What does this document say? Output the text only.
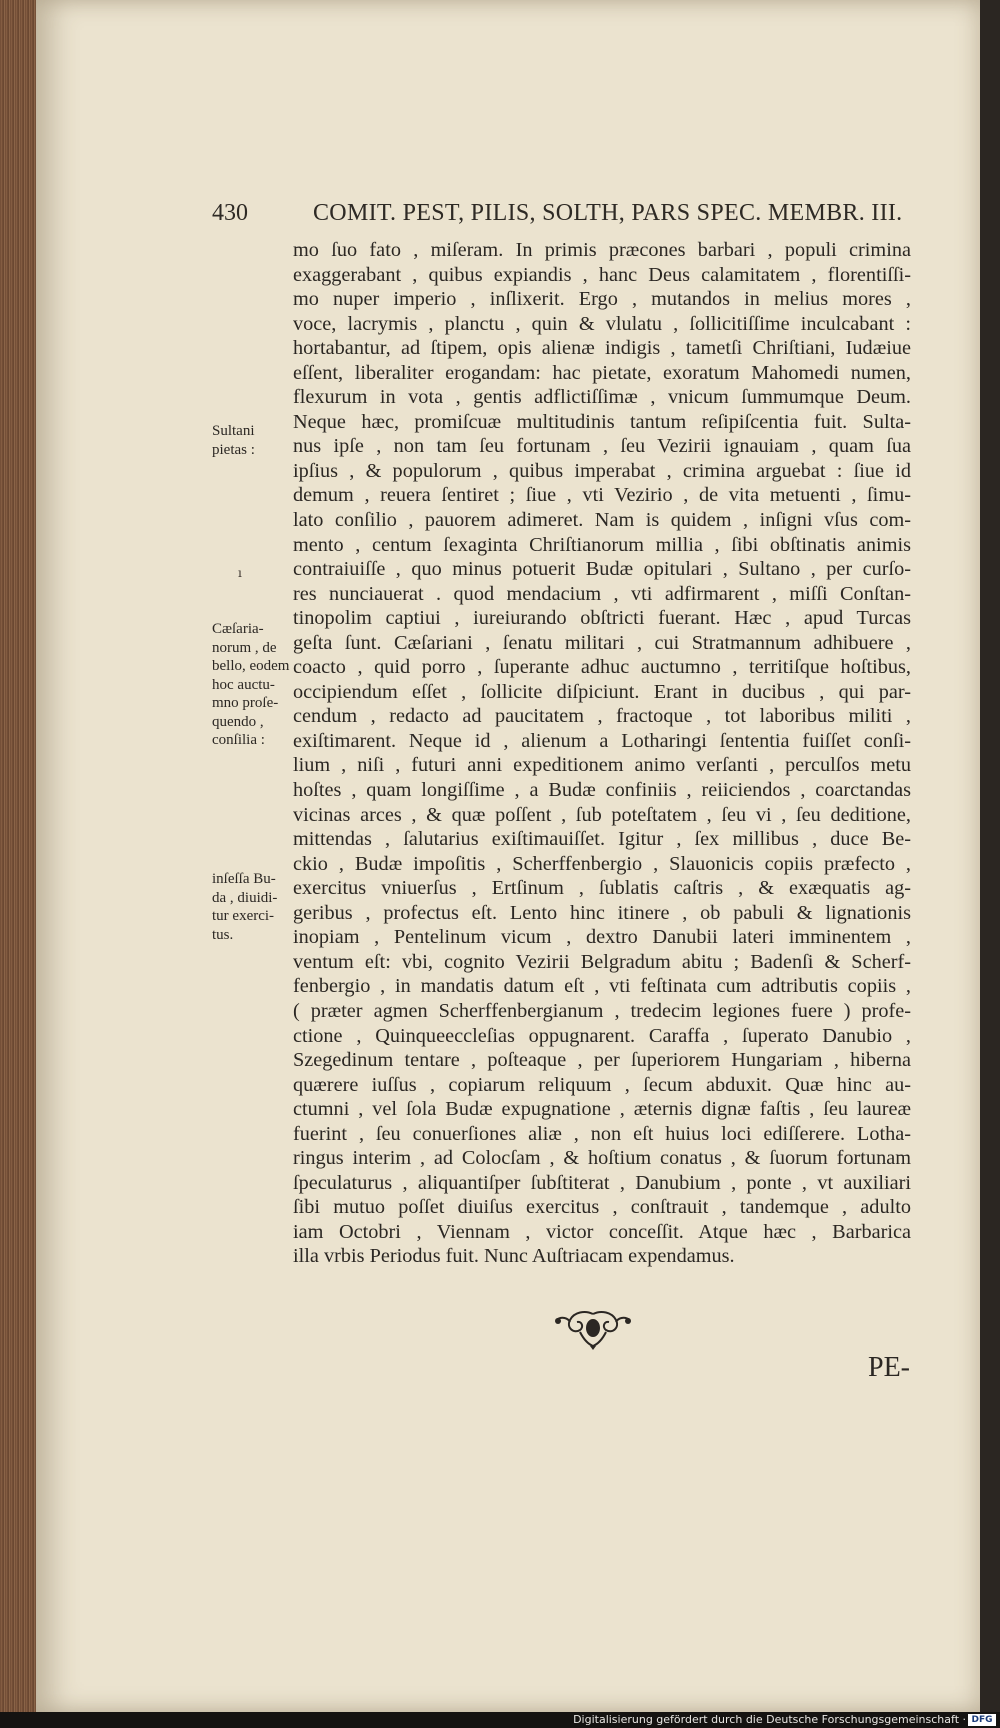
430	COMIT. PEST, PILIS, SOLTH, PARS SPEC. MEMBR. III.
Sultani
pietas :
Cæſaria-
norum , de
bello, eodem
hoc auctu-
mno proſe-
quendo ,
conſilia :
inſeſſa Bu-
da , diuidi-
tur exerci-
tus.
ı
mo ſuo fato , miſeram. In primis præcones barbari , populi crimina
exaggerabant , quibus expiandis , hanc Deus calamitatem , florentiſſi-
mo nuper imperio , inſlixerit. Ergo , mutandos in melius mores ,
voce, lacrymis , planctu , quin & vlulatu , ſollicitiſſime inculcabant :
hortabantur, ad ſtipem, opis alienæ indigis , tametſi Chriſtiani, Iudæiue
eſſent, liberaliter erogandam: hac pietate, exoratum Mahomedi numen,
flexurum in vota , gentis adflictiſſimæ , vnicum ſummumque Deum.
Neque hæc, promiſcuæ multitudinis tantum reſipiſcentia fuit. Sulta-
nus ipſe , non tam ſeu fortunam , ſeu Vezirii ignauiam , quam ſua
ipſius , & populorum , quibus imperabat , crimina arguebat : ſiue id
demum , reuera ſentiret ; ſiue , vti Vezirio , de vita metuenti , ſimu-
lato conſilio , pauorem adimeret. Nam is quidem , inſigni vſus com-
mento , centum ſexaginta Chriſtianorum millia , ſibi obſtinatis animis
contraiuiſſe , quo minus potuerit Budæ opitulari , Sultano , per curſo-
res nunciauerat . quod mendacium , vti adfirmarent , miſſi Conſtan-
tinopolim captiui , iureiurando obſtricti fuerant. Hæc , apud Turcas
geſta ſunt. Cæſariani , ſenatu militari , cui Stratmannum adhibuere ,
coacto , quid porro , ſuperante adhuc auctumno , territiſque hoſtibus,
occipiendum eſſet , ſollicite diſpiciunt. Erant in ducibus , qui par-
cendum , redacto ad paucitatem , fractoque , tot laboribus militi ,
exiſtimarent. Neque id , alienum a Lotharingi ſententia fuiſſet conſi-
lium , niſi , futuri anni expeditionem animo verſanti , perculſos metu
hoſtes , quam longiſſime , a Budæ confiniis , reiiciendos , coarctandas
vicinas arces , & quæ poſſent , ſub poteſtatem , ſeu vi , ſeu deditione,
mittendas , ſalutarius exiſtimauiſſet. Igitur , ſex millibus , duce Be-
ckio , Budæ impoſitis , Scherffenbergio , Slauonicis copiis præfecto ,
exercitus vniuerſus , Ertſinum , ſublatis caſtris , & exæquatis ag-
geribus , profectus eſt. Lento hinc itinere , ob pabuli & lignationis
inopiam , Pentelinum vicum , dextro Danubii lateri imminentem ,
ventum eſt: vbi, cognito Vezirii Belgradum abitu ; Badenſi & Scherf-
fenbergio , in mandatis datum eſt , vti feſtinata cum adtributis copiis ,
( præter agmen Scherffenbergianum , tredecim legiones fuere ) profe-
ctione , Quinqueeccleſias oppugnarent. Caraffa , ſuperato Danubio ,
Szegedinum tentare , poſteaque , per ſuperiorem Hungariam , hiberna
quærere iuſſus , copiarum reliquum , ſecum abduxit. Quæ hinc au-
ctumni , vel ſola Budæ expugnatione , æternis dignæ faſtis , ſeu laureæ
fuerint , ſeu conuerſiones aliæ , non eſt huius loci ediſſerere. Lotha-
ringus interim , ad Colocſam , & hoſtium conatus , & ſuorum fortunam
ſpeculaturus , aliquantiſper ſubſtiterat , Danubium , ponte , vt auxiliari
ſibi mutuo poſſet diuiſus exercitus , conſtrauit , tandemque , adulto
iam Octobri , Viennam , victor conceſſit. Atque hæc , Barbarica
illa vrbis Periodus fuit. Nunc Auſtriacam expendamus.
PE-
Digitalisierung gefördert durch die Deutsche Forschungsgemeinschaft · DFG
